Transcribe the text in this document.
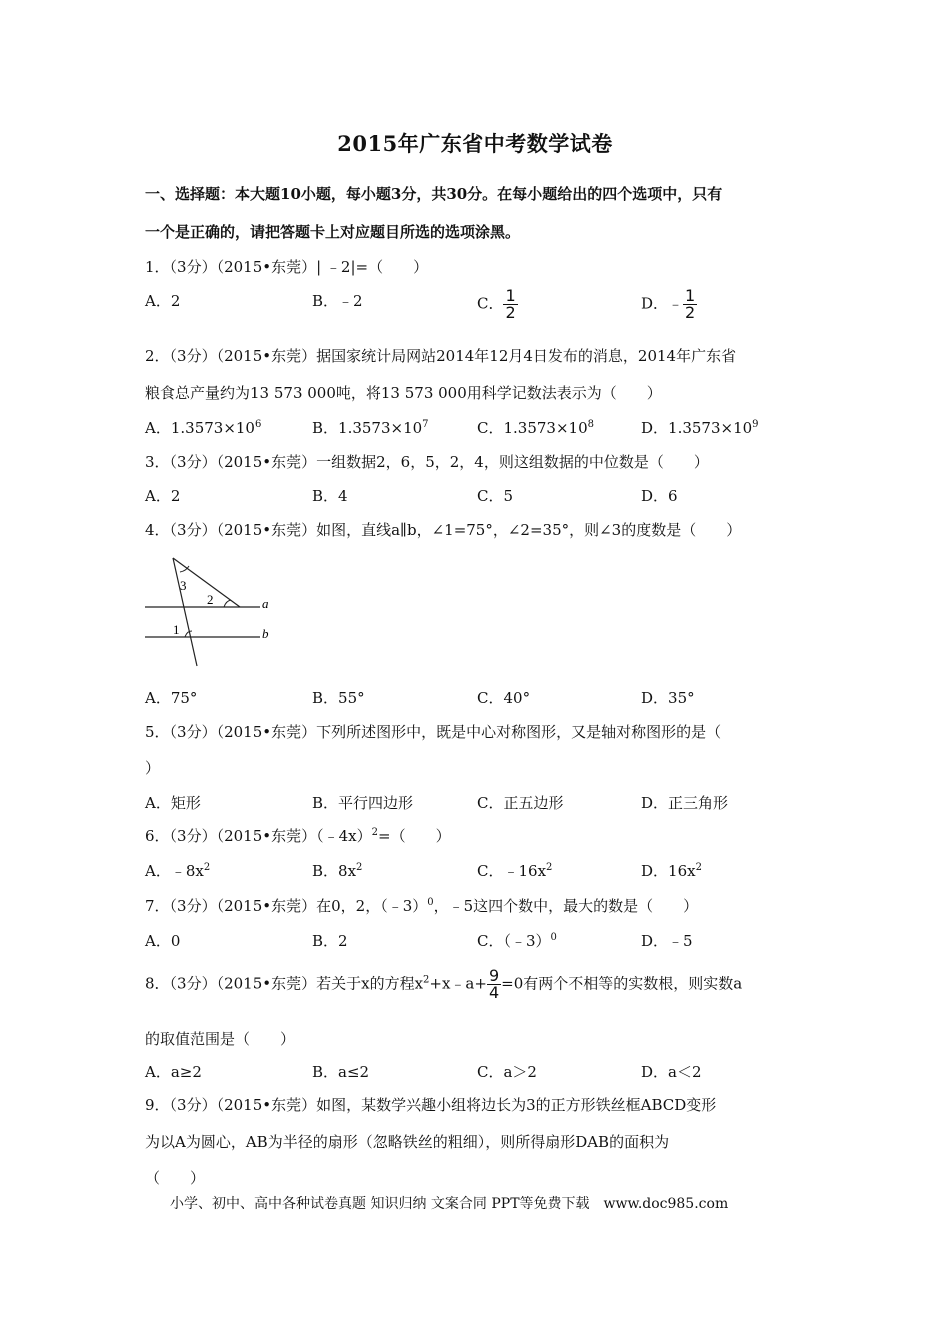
2015年广东省中考数学试卷
一、选择题：本大题10小题，每小题3分，共30分。在每小题给出的四个选项中，只有
一个是正确的，请把答题卡上对应题目所选的选项涂黑。
1．（3分）（2015•东莞）| ﹣2|=（　　）
A．2	B．﹣2	C． $\frac{1}{2}$	D．﹣ $\frac{1}{2}$
2．（3分）（2015•东莞）据国家统计局网站2014年12月4日发布的消息，2014年广东省
粮食总产量约为13 573 000吨，将13 573 000用科学记数法表示为（　　）
A．$1.3573\times 10^6$	B．$1.3573\times 10^7$	C．$1.3573\times 10^8$	D．$1.3573\times 10^9$
3．（3分）（2015•东莞）一组数据2，6，5，2，4，则这组数据的中位数是（　　）
A．2	B．4	C．5	D．6
4．（3分）（2015•东莞）如图，直线a∥b，∠1=75°，∠2=35°，则∠3的度数是（　　）
3
2
1
a
b
A．75°	B．55°	C．40°	D．35°
5．（3分）（2015•东莞）下列所述图形中，既是中心对称图形，又是轴对称图形的是（
）
A．矩形	B．平行四边形	C．正五边形	D．正三角形
6．（3分）（2015•东莞）（﹣4x）$^2$=（　　）
A．$﹣8x^2$	B．$8x^2$	C．$﹣16x^2$	D．$16x^2$
7．（3分）（2015•东莞）在0，2，（﹣3）$^0$，﹣5这四个数中，最大的数是（　　）
A．0	B．2	C．（﹣3）$^0$	D．﹣5
8．（3分）（2015•东莞）若关于x的方程$x^2+x﹣a+ \frac{9}{4} =0$有两个不相等的实数根，则实数a
的取值范围是（　　）
A．a≥2	B．a≤2	C．a＞2	D．a＜2
9．（3分）（2015•东莞）如图，某数学兴趣小组将边长为3的正方形铁丝框ABCD变形
为以A为圆心，AB为半径的扇形（忽略铁丝的粗细），则所得扇形DAB的面积为
（　　）
小学、初中、高中各种试卷真题 知识归纳 文案合同 PPT等免费下载　www.doc985.com
